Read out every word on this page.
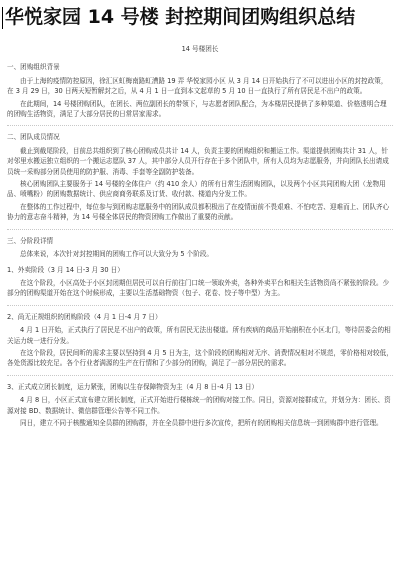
华悦家园 14 号楼 封控期间团购组织总结
14 号楼团长
一、团购组织背景
由于上海的疫情防控原因，徐汇区虹梅南路虹漕路 19 弄 华悦家园小区 从 3 月 14 日开始执行了不可以进出小区的封控政策，在 3 月 29 日，30 日两天短暂解封之后，从 4 月 1 日一直到本文起草的 5 月 10 日一直执行了所有居民足不出户的政策。
在此期间，14 号楼团购团队，在团长、两位副团长的带领下，与志愿者团队配合，为本楼居民提供了多种渠道、价格透明合理的团购生活物资，满足了大部分居民的日常居家需求。
二、团队成员情况
截止到截尾阶段，目前总共组织到了核心团购成员共计 14 人，负责主要的团购组织和搬运工作。渠道提供团购共计 31 人，针对邻里水搬运独立组织的一个搬运志愿队 37 人，其中部分人员开行存在于多个团队中，所有人员均为志愿服务，并向团队长出请成员统一采购部分团员使用的防护服、消毒、手套等全副防护装备。
核心团购团队主要服务于 14 号楼的全体住户（约 410 余人）的所有日常生活团购团队，以及两个小区共同团购大团（龙物用品、喷嘴粉）的团购数据统计、供应商商务联系及订货、收付款、楼道内分发工作。
在整体的工作过程中，每位参与到团购志愿服务中的团队成员都积极出了在疫情面前不畏艰难、不怕吃苦、迎难而上、团队齐心协力的意志奋斗精神，为 14 号楼全体居民的物资团购工作做出了重要的贡献。
三、分阶段详情
总体来说，本次针对封控期间的团购工作可以大致分为 5 个阶段。
1、外卖阶段（3 月 14 日-3 月 30 日）
在这个阶段，小区高处于小区封闭期但居民可以自行前往门口统一领取外卖，各种外卖平台和相关生活物资尚不紧张的阶段。少部分的团购渠道开始在这个时候形成，主要以生活基础物资（包子、花卷、饺子等中型）为主。
2、尚无正规组织的团购阶段（4 月 1 日-4 月 7 日）
4 月 1 日开始，正式执行了居民足不出户的政策，所有居民无法出楼道。所有疾病的商品开始崩积在小区北门，等待居委会的相关运力统一进行分发。
在这个阶段，居民间昕的需求主要以坚持到 4 月 5 日为主，这个阶段的团购相对无序、消费情况相对不规范，零价格相对较低，各处货源比较充足。各个行业者满源的生产在行情和了少部分的团购，满足了一部分居民的需求。
3、正式成立团长制度，运力紧张，团购以生存保障物资为主（4 月 8 日-4 月 13 日）
4 月 8 日，小区正式宣布建立团长制度，正式开始进行楼栋统一的团购对接工作。同日，资源对接群成立，并划分为：团长、资源对接 BD、数据统计、微信群管理公告等不同工作。
同日，建立不同于核酸通知全员群的团购群，并在全员群中进行多次宣传，把所有的团购相关信息统一到团购群中进行管理。
